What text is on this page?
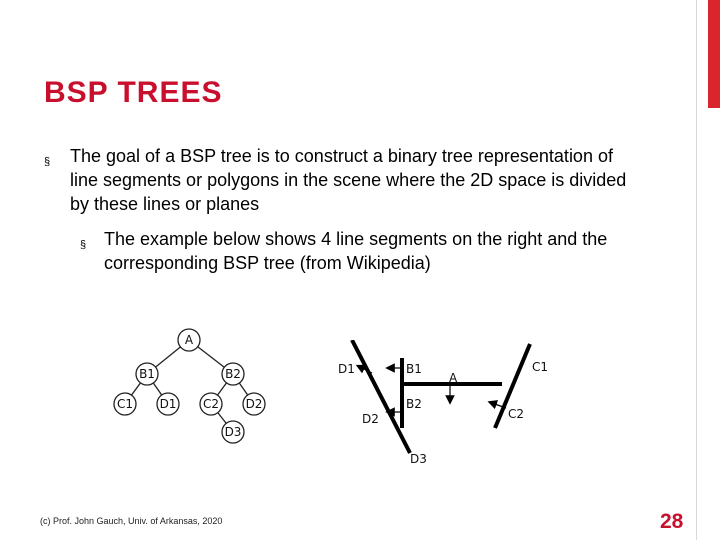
BSP TREES
§ The goal of a BSP tree is to construct a binary tree representation of line segments or polygons in the scene where the 2D space is divided by these lines or planes
§ The example below shows 4 line segments on the right and the corresponding BSP tree (from Wikipedia)
A
B1	B2
C1 D1 C2 D2
D3
D1	B1
A
C1
B2
D2	C2
D3
(c) Prof. John Gauch, Univ. of Arkansas, 2020	28
